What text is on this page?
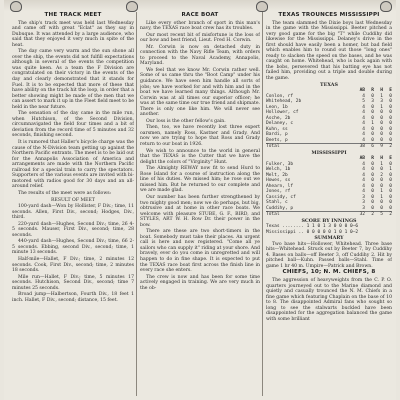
THE TRACK MEET

The ship's track meet was held last Wednesday and came off with great "Eclat" as they say in Dubuque. It was attended by a large audience, who said that they enjoyed it very much in spite of the heat.

The day came very warm and the sun shone all over the ship, the events did not fulfill expectations although in several of the events the competition was quite keen. As a team the F Division are congratulated on their victory in the events of the day and clearly demonstrated that it stands for Fuel. It is to be expected that more of these that have ability on the track hit the loop, in order that a better showing might be made of the men that we can assert to mark it up in the Fleet field meet to be held in the near future.

The sensation of the day came in the mile run, when Hutchison, of the Second Division, circumnavigated the field four times and a bit of deviation from the record time of 5 minutes and 32 seconds, finishing second.

It is rumored that Haller's bicycle charge was the cause of the N-Division team getting up against the Northern Pacific entrants. The meet is to be laid out for the Annapolis Association of America and arrangements are made with the Northern Pacific railroad for a special train to carry the spectators. Supporters of the various events are invited with bi-motored with radios good for 30 days and an all-around relief.

The results of the meet were as follows:

RESULT OF MEET

100-yard dash—Won by Hollister, F Div.; time, 11 seconds. Allen, First Div., second; Hodges, Div., third.

220-yard dash—Hughes, Second Div.; time, 26 4-5 seconds. Mauser, First Div., second; time, 28 seconds.

440-yard dash—Hughes, Second Div.; time, 66 2-5 seconds. Ebbing, second Div., second; time, 1 minute 13 seconds.

Half-mile—Hallet, F Div.; time, 2 minutes 12 seconds. Cook, First Div., second; time, 2 minutes 18 seconds.

Mile run—Hallet, F Div.; time, 5 minutes 17 seconds. Hutchison, Second Div., second; time 7 minutes 25 seconds.

Broad jump—Halbertson, Fourth Div., 18 feet 1 inch. Hallet, F Div., second; distance, 15 feet.

RACE BOAT

Like every other branch of sport in this man's navy, the TEXAS race boat crew has its troubles.

Our most recent bit of misfortune is the loss of our bow and best friend, Lieut. Fred H. Corwin.

Mr. Corwin is now on detached duty in connection with the Navy Rifle Team, with orders to proceed to the Naval Academy, Annapolis, Maryland.

We feel that we know Mr. Corwin rather well. Some of us came thru the "Boot Camp" under his guidance. We have seen him handle all sorts of jobs; we have worked for and with him and in the boat we have learned many things. Although Mr. Corwin was at all times our superior officer; he was at the same time our true friend and shipmate. There is only one like him. We will never see another.

Our loss is the other fellow's gain.

Then, too, we have recently lost three expert oarsmen, namely Ross, Kastner and Grady. And now we are trying to hope that Ross and Grady return to our boat in 1926.

We wish to announce to the world in general that the TEXAS is the Cutter that we have the delight the colors of "Virginity" Hunt.

The Almighty REWAY now fit to send Hurd to Rose Island for a course of instruction along the line of his duties. We missed him; he rose out we missed him. But he returned to our complete and we are made glad.

Our number has been further strengthened by two mighty good men; now we do perhaps, but big, obtrusive and at home in other race boats. We welcome with pleasure STUBE, G. F., BIRD, and STYLES, ART W. H. Row Dr. their power in the bow.

There are these are two short-timers in the boat. Somebody must take their places. An urgent call is here and now registered. "Come all ye sailors who can supply it" riding at your shore. And bravely, ever do you come in unregretted and will happen to do in fine shape. It is expected to put the TEXAS race boat first across the finish line in every race she enters.

The crew is now and has been for some time actively engaged in training. We are very much in the ob-

TEXAS TROUNCES MISSISSIPPI

The team slammed the Dixie boys last Wednesday in the game with the Mississippi. Beeter pitched a very good game for the big "T" while Cuddihy did likewise for the Mississippi. Delaney's drive in the first should have easily been a homer, but bad field which enables him to round out those "long ones" ready to slacken the speed on the bases, and he was caught on home. Whitehead, who is back again with the bobs, persevered that his batting eye has not failed him, providing out a triple and double during the game.

TEXAS
	AB	R	H	E
Conlon, rf	4	0	1	0
Whitehead, 2b	5	3	3	0
Leon, 1b	4	0	1	0
Hollower, cf	4	0	0	0
Asche, 2b	4	0	0	0
Delaney, c	4	1	0	0
Kuhn, ss	4	0	0	0
Bardi, p	4	0	0	0
Beets, p	4	0	0	0
Total	38	6	9	2
MISSISSIPPI
	AB	R	H	E
Fulker, 3b	4	0	1	0
Welch, 1b	4	0	0	1
Melt, 2b	4	0	2	0
Howes, ss	4	0	0	0
Ahearn, lf	4	0	0	0
Jones, rf	4	0	1	0
Cassidy, cf	3	0	1	0
Stahl, c	3	0	0	0
Cuddihy, p	3	0	0	0
Total	32	2	5	2
SCORE BY INNINGS
Texas ........ 1 1 0 1 3 0 0 0 0—6
Mississippi .. 0 0 0 0 0 1 0 1 0—2
SUMMARY

Two base hits—Hollower, Whitehead. Three base hits—Whitehead. Struck out by Beeter 7, by Cuddihy 4. Bases on balls—off Beeter 3, off Cuddihy 2. Hit by pitched ball—Kuhn. Passed balls—Stahl. Time of game 1 hr 40 m. Umpire—Patrick and Brown.

CHIEFS, 10; N. M. CHIEFS, 8

The aggression of heavyweights from the C. P. O. quarters journeyed out to the Marine diamond and quietly and casually trounced the N. M. Chiefs in a fine game which featuring Chaplain on the base of 10 to 8. The disappointed Admiral fans who sought so long to see the stalwarts buckled have been disappointed for the aggregation balanced the game with some brilliant
